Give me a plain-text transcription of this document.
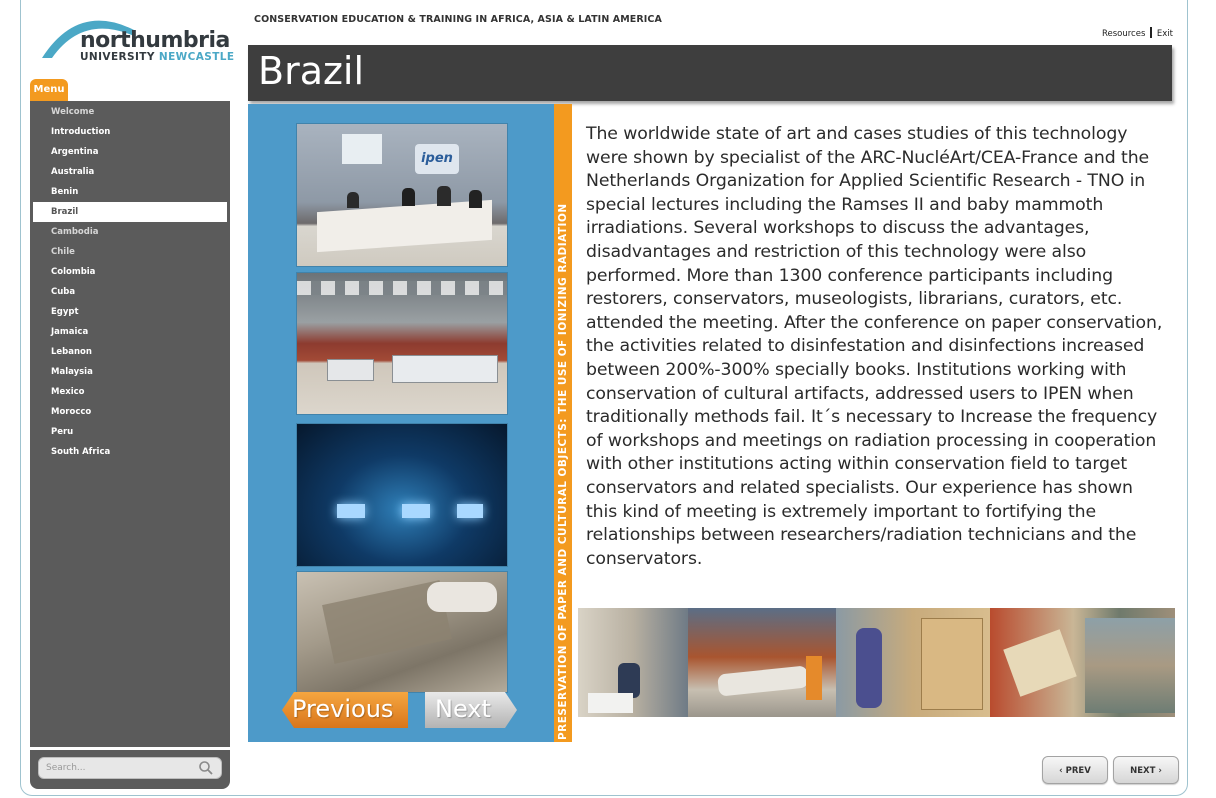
northumbria
UNIVERSITY NEWCASTLE
Menu
Welcome
Introduction
Argentina
Australia
Benin
Brazil
Cambodia
Chile
Colombia
Cuba
Egypt
Jamaica
Lebanon
Malaysia
Mexico
Morocco
Peru
South Africa
Search...
CONSERVATION EDUCATION & TRAINING IN AFRICA, ASIA & LATIN AMERICA
Resources Exit
Brazil
ipen
Previous Next	PRESERVATION OF PAPER AND CULTURAL OBJECTS: THE USE OF IONIZING RADIATION
The worldwide state of art and cases studies of this technology were shown by specialist of the ARC-NucléArt/CEA-France and the Netherlands Organization for Applied Scientific Research - TNO in special lectures including the Ramses II and baby mammoth irradiations. Several workshops to discuss the advantages, disadvantages and restriction of this technology were also performed. More than 1300 conference participants including restorers, conservators, museologists, librarians, curators, etc. attended the meeting. After the conference on paper conservation, the activities related to disinfestation and disinfections increased between 200%-300% specially books. Institutions working with conservation of cultural artifacts, addressed users to IPEN when traditionally methods fail. It´s necessary to Increase the frequency of workshops and meetings on radiation processing in cooperation with other institutions acting within conservation field to target conservators and related specialists. Our experience has shown this kind of meeting is extremely important to fortifying the relationships between researchers/radiation technicians and the conservators.
‹ PREV	NEXT ›
